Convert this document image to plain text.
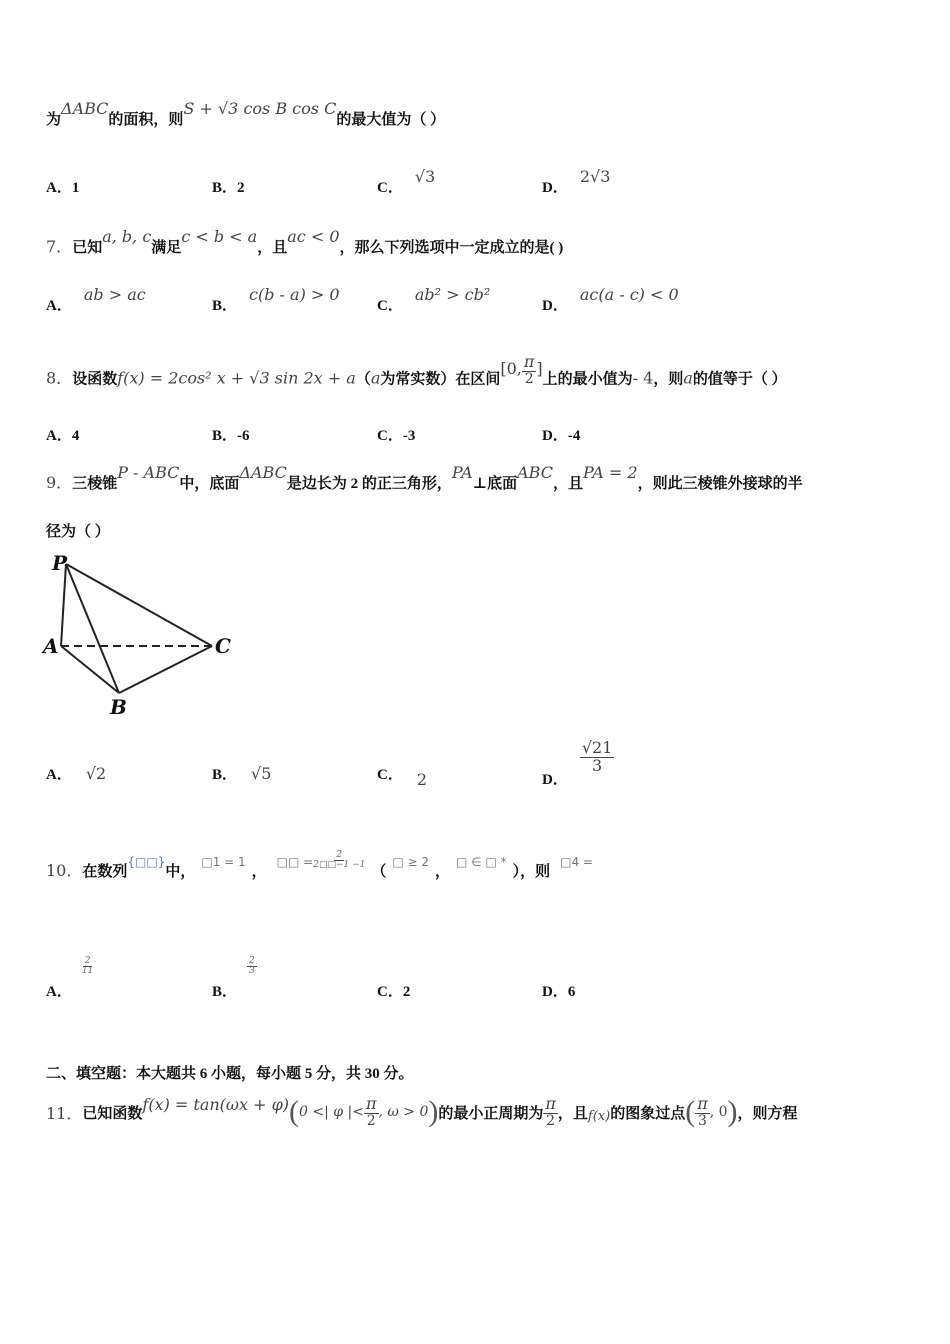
为ΔABC的面积，则S + √3 cos B cos C的最大值为（ ）
A．1	B．2	C．√3
D．2√3
7．已知a, b, c满足c < b < a，且ac < 0，那么下列选项中一定成立的是( )
A．ab > ac
B．c(b - a) > 0
C．ab² > cb²
D．ac(a - c) < 0
8．设函数f(x) = 2cos² x + √3 sin 2x + a（a为常实数）在区间[0, $\frac{\pi}{2}$ ]上的最小值为- 4，则a的值等于（ ）
A．4	B．-6	C．-3	D．-4
9．三棱锥P - ABC中，底面ΔABC是边长为 2 的正三角形，PA⊥底面ABC，且PA = 2，则此三棱锥外接球的半
径为（ ）
P
A
B
C
A． √2	B． √5	C． 2	D．
$\frac{√21}{3}$
10．在数列{□□}中，$^{□1 = 1}$，$^{□□ =} \frac{2}{2□□-1 -1}$
（$^{□ \ge 2}$，□ ∈ □ *），则$^{□4 =}$
A．
$\frac{2}{11}$
B．
$\frac{2}{3}$
C．2	D．6
二、填空题：本大题共 6 小题，每小题 5 分，共 30 分。
11． 已知函数 f(x) = tan(ωx + φ) ( 0 <| φ |< $\frac{\pi}{2}$ , ω > 0 ) 的最小正周期为 $\frac{\pi}{2}$ ，且 f(x) 的图象过点 ( $\frac{\pi}{3}$ , 0 ) ，则方程
